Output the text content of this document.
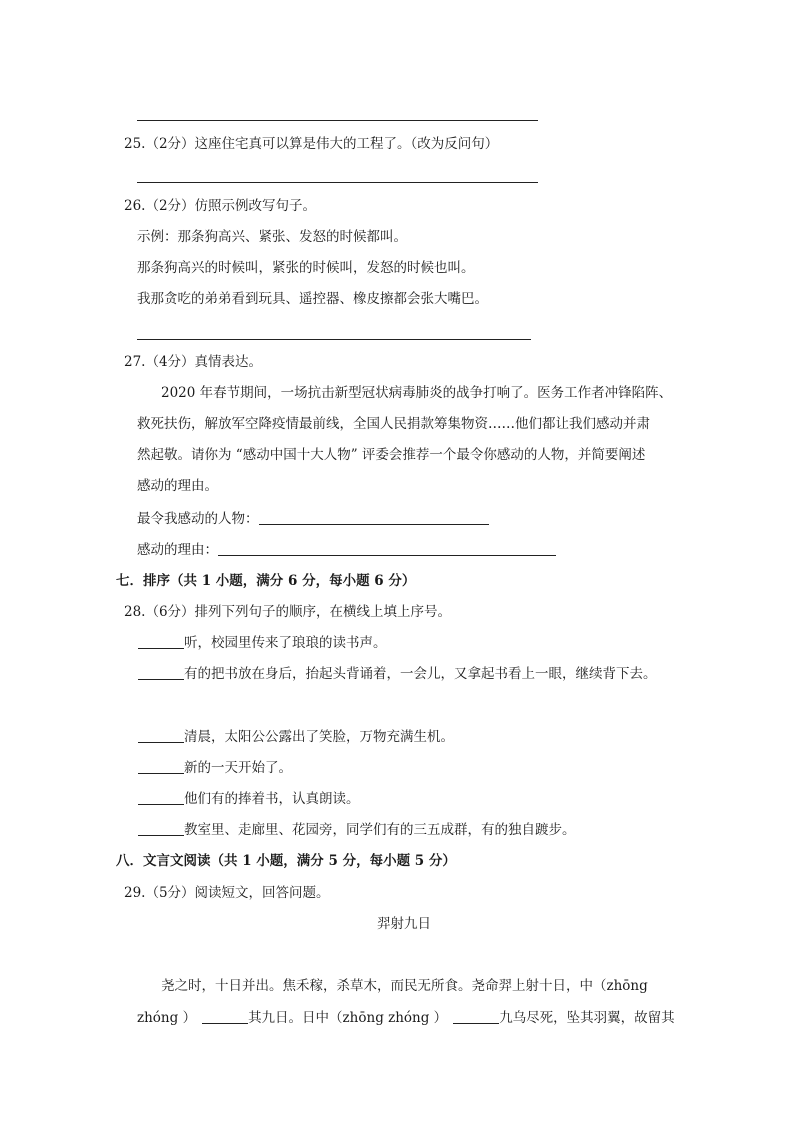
25.（2分）这座住宅真可以算是伟大的工程了。（改为反问句）
26.（2分）仿照示例改写句子。
示例：那条狗高兴、紧张、发怒的时候都叫。
那条狗高兴的时候叫，紧张的时候叫，发怒的时候也叫。
我那贪吃的弟弟看到玩具、遥控器、橡皮擦都会张大嘴巴。
27.（4分）真情表达。
2020 年春节期间，一场抗击新型冠状病毒肺炎的战争打响了。医务工作者冲锋陷阵、
救死扶伤，解放军空降疫情最前线，全国人民捐款筹集物资……他们都让我们感动并肃
然起敬。请你为 “感动中国十大人物” 评委会推荐一个最令你感动的人物，并简要阐述
感动的理由。
最令我感动的人物：
感动的理由：
七．排序（共 1 小题，满分 6 分，每小题 6 分）
28.（6分）排列下列句子的顺序，在横线上填上序号。
听，校园里传来了琅琅的读书声。
有的把书放在身后，抬起头背诵着，一会儿，又拿起书看上一眼，继续背下去。
清晨，太阳公公露出了笑脸，万物充满生机。
新的一天开始了。
他们有的捧着书，认真朗读。
教室里、走廊里、花园旁，同学们有的三五成群，有的独自踱步。
八．文言文阅读（共 1 小题，满分 5 分，每小题 5 分）
29.（5分）阅读短文，回答问题。
羿射九日
尧之时，十日并出。焦禾稼，杀草木，而民无所食。尧命羿上射十日，中（zhōng
zhóng ）	其九日。日中（zhōng zhóng ）	九乌尽死，坠其羽翼，故留其
